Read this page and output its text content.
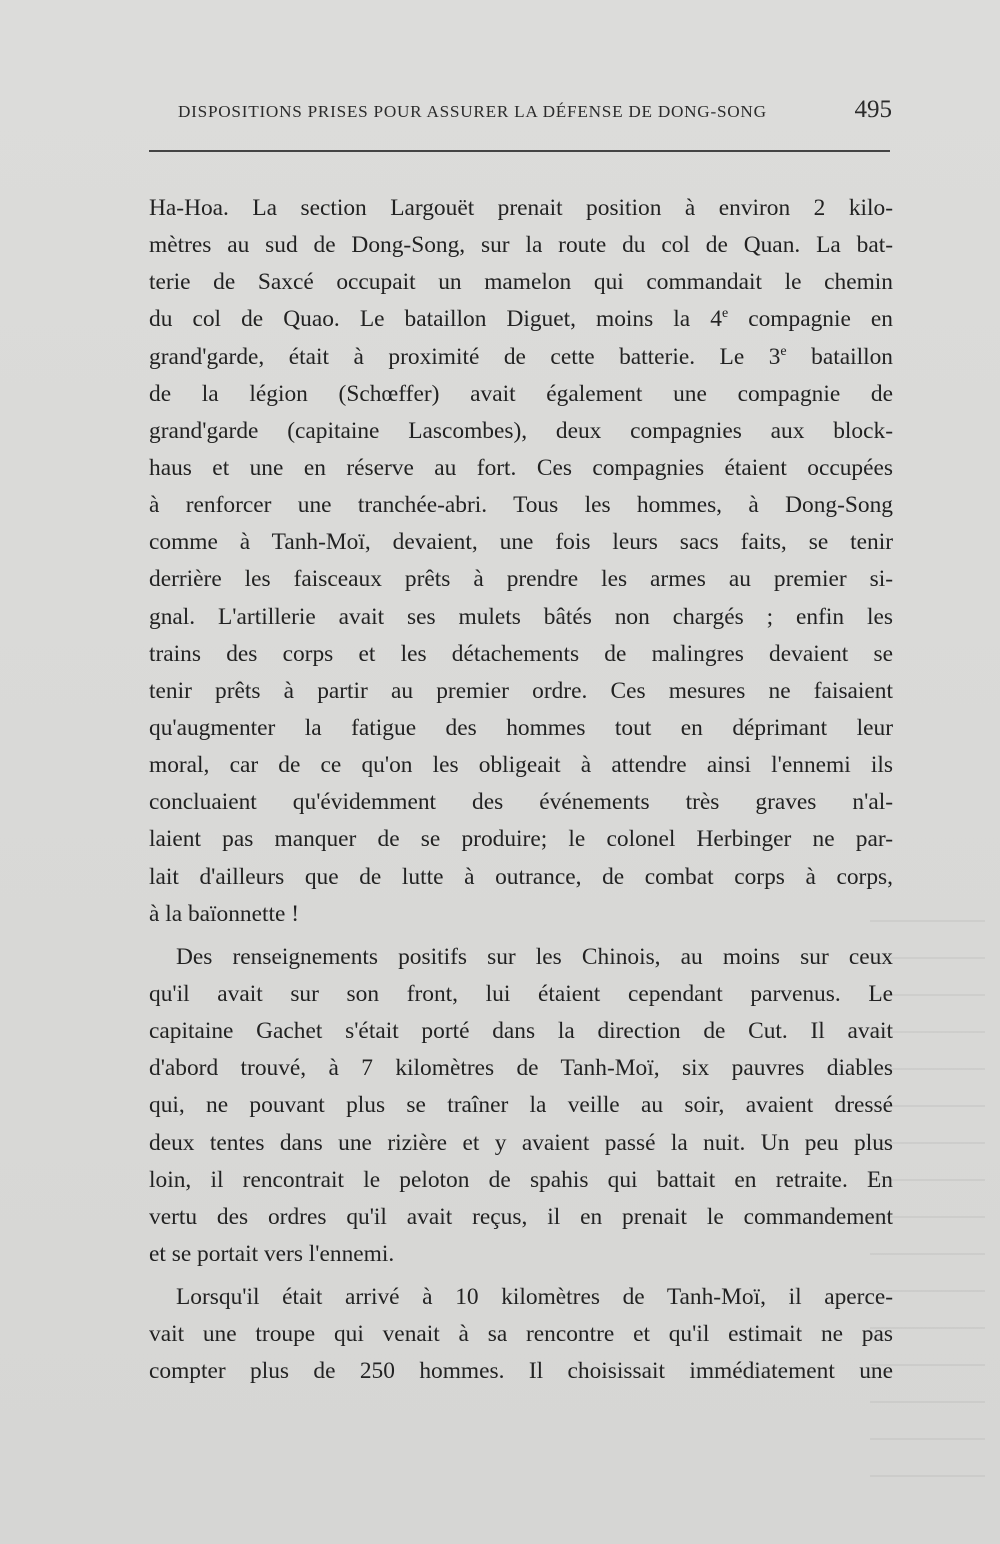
DISPOSITIONS PRISES POUR ASSURER LA DÉFENSE DE DONG-SONG	495
Ha-Hoa. La section Largouët prenait position à environ 2 kilo-
mètres au sud de Dong-Song, sur la route du col de Quan. La bat-
terie de Saxcé occupait un mamelon qui commandait le chemin
du col de Quao. Le bataillon Diguet, moins la 4e compagnie en
grand'garde, était à proximité de cette batterie. Le 3e bataillon
de la légion (Schœffer) avait également une compagnie de
grand'garde (capitaine Lascombes), deux compagnies aux block-
haus et une en réserve au fort. Ces compagnies étaient occupées
à renforcer une tranchée-abri. Tous les hommes, à Dong-Song
comme à Tanh-Moï, devaient, une fois leurs sacs faits, se tenir
derrière les faisceaux prêts à prendre les armes au premier si-
gnal. L'artillerie avait ses mulets bâtés non chargés ; enfin les
trains des corps et les détachements de malingres devaient se
tenir prêts à partir au premier ordre. Ces mesures ne faisaient
qu'augmenter la fatigue des hommes tout en déprimant leur
moral, car de ce qu'on les obligeait à attendre ainsi l'ennemi ils
concluaient qu'évidemment des événements très graves n'al-
laient pas manquer de se produire; le colonel Herbinger ne par-
lait d'ailleurs que de lutte à outrance, de combat corps à corps,
à la baïonnette !
Des renseignements positifs sur les Chinois, au moins sur ceux
qu'il avait sur son front, lui étaient cependant parvenus. Le
capitaine Gachet s'était porté dans la direction de Cut. Il avait
d'abord trouvé, à 7 kilomètres de Tanh-Moï, six pauvres diables
qui, ne pouvant plus se traîner la veille au soir, avaient dressé
deux tentes dans une rizière et y avaient passé la nuit. Un peu plus
loin, il rencontrait le peloton de spahis qui battait en retraite. En
vertu des ordres qu'il avait reçus, il en prenait le commandement
et se portait vers l'ennemi.
Lorsqu'il était arrivé à 10 kilomètres de Tanh-Moï, il aperce-
vait une troupe qui venait à sa rencontre et qu'il estimait ne pas
compter plus de 250 hommes. Il choisissait immédiatement une
